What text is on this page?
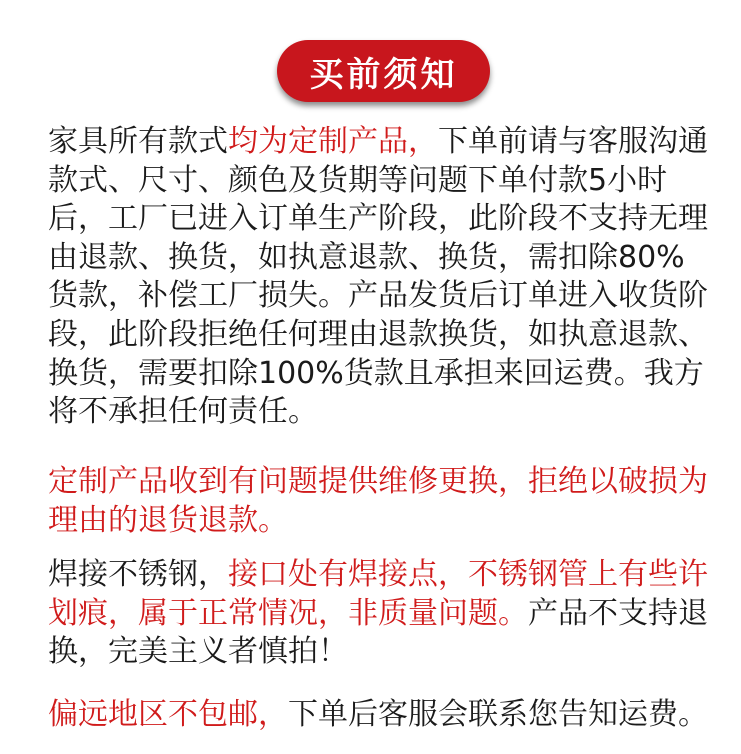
买前须知

家具所有款式均为定制产品，下单前请与客服沟通款式、尺寸、颜色及货期等问题下单付款5小时后，工厂已进入订单生产阶段，此阶段不支持无理由退款、换货，如执意退款、换货，需扣除80%货款，补偿工厂损失。产品发货后订单进入收货阶段，此阶段拒绝任何理由退款换货，如执意退款、换货，需要扣除100%货款且承担来回运费。我方将不承担任何责任。

定制产品收到有问题提供维修更换，拒绝以破损为理由的退货退款。

焊接不锈钢，接口处有焊接点，不锈钢管上有些许划痕，属于正常情况，非质量问题。产品不支持退换，完美主义者慎拍！

偏远地区不包邮，下单后客服会联系您告知运费。
